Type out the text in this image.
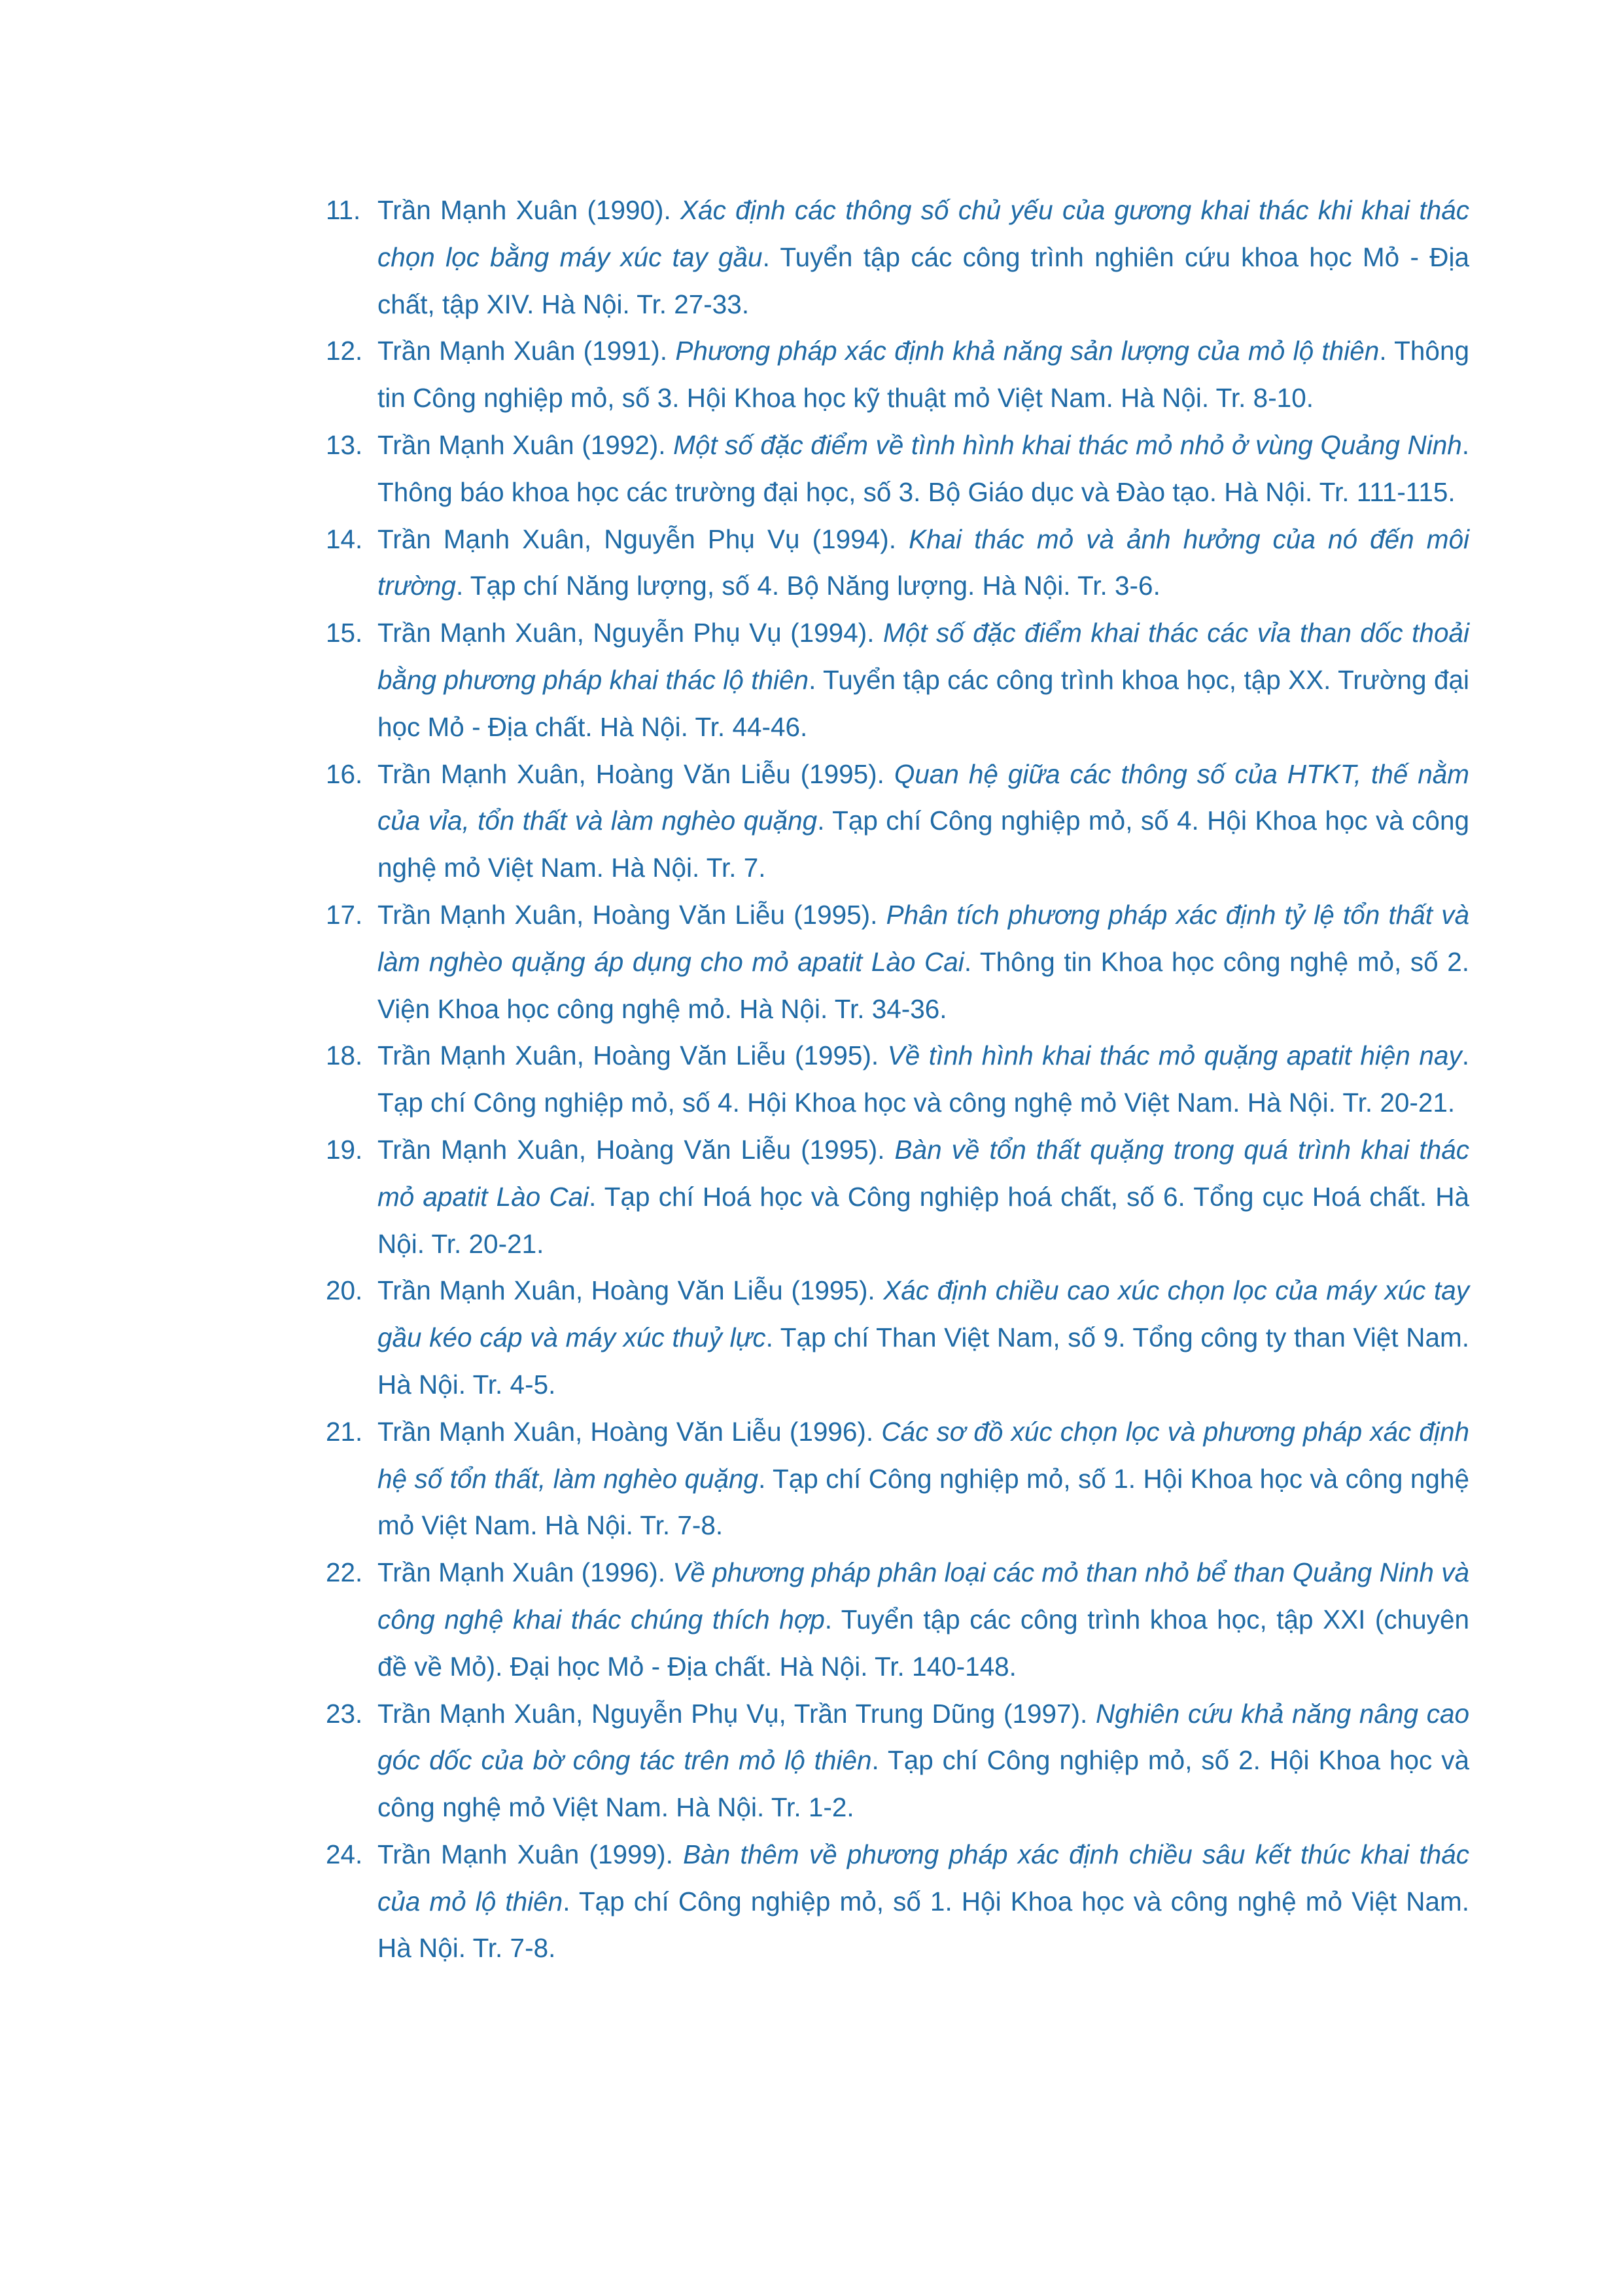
11. Trần Mạnh Xuân (1990). Xác định các thông số chủ yếu của gương khai thác khi khai thác chọn lọc bằng máy xúc tay gầu. Tuyển tập các công trình nghiên cứu khoa học Mỏ - Địa chất, tập XIV. Hà Nội. Tr. 27-33.
12. Trần Mạnh Xuân (1991). Phương pháp xác định khả năng sản lượng của mỏ lộ thiên. Thông tin Công nghiệp mỏ, số 3. Hội Khoa học kỹ thuật mỏ Việt Nam. Hà Nội. Tr. 8-10.
13. Trần Mạnh Xuân (1992). Một số đặc điểm về tình hình khai thác mỏ nhỏ ở vùng Quảng Ninh. Thông báo khoa học các trường đại học, số 3. Bộ Giáo dục và Đào tạo. Hà Nội. Tr. 111-115.
14. Trần Mạnh Xuân, Nguyễn Phụ Vụ (1994). Khai thác mỏ và ảnh hưởng của nó đến môi trường. Tạp chí Năng lượng, số 4. Bộ Năng lượng. Hà Nội. Tr. 3-6.
15. Trần Mạnh Xuân, Nguyễn Phụ Vụ (1994). Một số đặc điểm khai thác các vỉa than dốc thoải bằng phương pháp khai thác lộ thiên. Tuyển tập các công trình khoa học, tập XX. Trường đại học Mỏ - Địa chất. Hà Nội. Tr. 44-46.
16. Trần Mạnh Xuân, Hoàng Văn Liễu (1995). Quan hệ giữa các thông số của HTKT, thế nằm của vỉa, tổn thất và làm nghèo quặng. Tạp chí Công nghiệp mỏ, số 4. Hội Khoa học và công nghệ mỏ Việt Nam. Hà Nội. Tr. 7.
17. Trần Mạnh Xuân, Hoàng Văn Liễu (1995). Phân tích phương pháp xác định tỷ lệ tổn thất và làm nghèo quặng áp dụng cho mỏ apatit Lào Cai. Thông tin Khoa học công nghệ mỏ, số 2. Viện Khoa học công nghệ mỏ. Hà Nội. Tr. 34-36.
18. Trần Mạnh Xuân, Hoàng Văn Liễu (1995). Về tình hình khai thác mỏ quặng apatit hiện nay. Tạp chí Công nghiệp mỏ, số 4. Hội Khoa học và công nghệ mỏ Việt Nam. Hà Nội. Tr. 20-21.
19. Trần Mạnh Xuân, Hoàng Văn Liễu (1995). Bàn về tổn thất quặng trong quá trình khai thác mỏ apatit Lào Cai. Tạp chí Hoá học và Công nghiệp hoá chất, số 6. Tổng cục Hoá chất. Hà Nội. Tr. 20-21.
20. Trần Mạnh Xuân, Hoàng Văn Liễu (1995). Xác định chiều cao xúc chọn lọc của máy xúc tay gầu kéo cáp và máy xúc thuỷ lực. Tạp chí Than Việt Nam, số 9. Tổng công ty than Việt Nam. Hà Nội. Tr. 4-5.
21. Trần Mạnh Xuân, Hoàng Văn Liễu (1996). Các sơ đồ xúc chọn lọc và phương pháp xác định hệ số tổn thất, làm nghèo quặng. Tạp chí Công nghiệp mỏ, số 1. Hội Khoa học và công nghệ mỏ Việt Nam. Hà Nội. Tr. 7-8.
22. Trần Mạnh Xuân (1996). Về phương pháp phân loại các mỏ than nhỏ bể than Quảng Ninh và công nghệ khai thác chúng thích hợp. Tuyển tập các công trình khoa học, tập XXI (chuyên đề về Mỏ). Đại học Mỏ - Địa chất. Hà Nội. Tr. 140-148.
23. Trần Mạnh Xuân, Nguyễn Phụ Vụ, Trần Trung Dũng (1997). Nghiên cứu khả năng nâng cao góc dốc của bờ công tác trên mỏ lộ thiên. Tạp chí Công nghiệp mỏ, số 2. Hội Khoa học và công nghệ mỏ Việt Nam. Hà Nội. Tr. 1-2.
24. Trần Mạnh Xuân (1999). Bàn thêm về phương pháp xác định chiều sâu kết thúc khai thác của mỏ lộ thiên. Tạp chí Công nghiệp mỏ, số 1. Hội Khoa học và công nghệ mỏ Việt Nam. Hà Nội. Tr. 7-8.
